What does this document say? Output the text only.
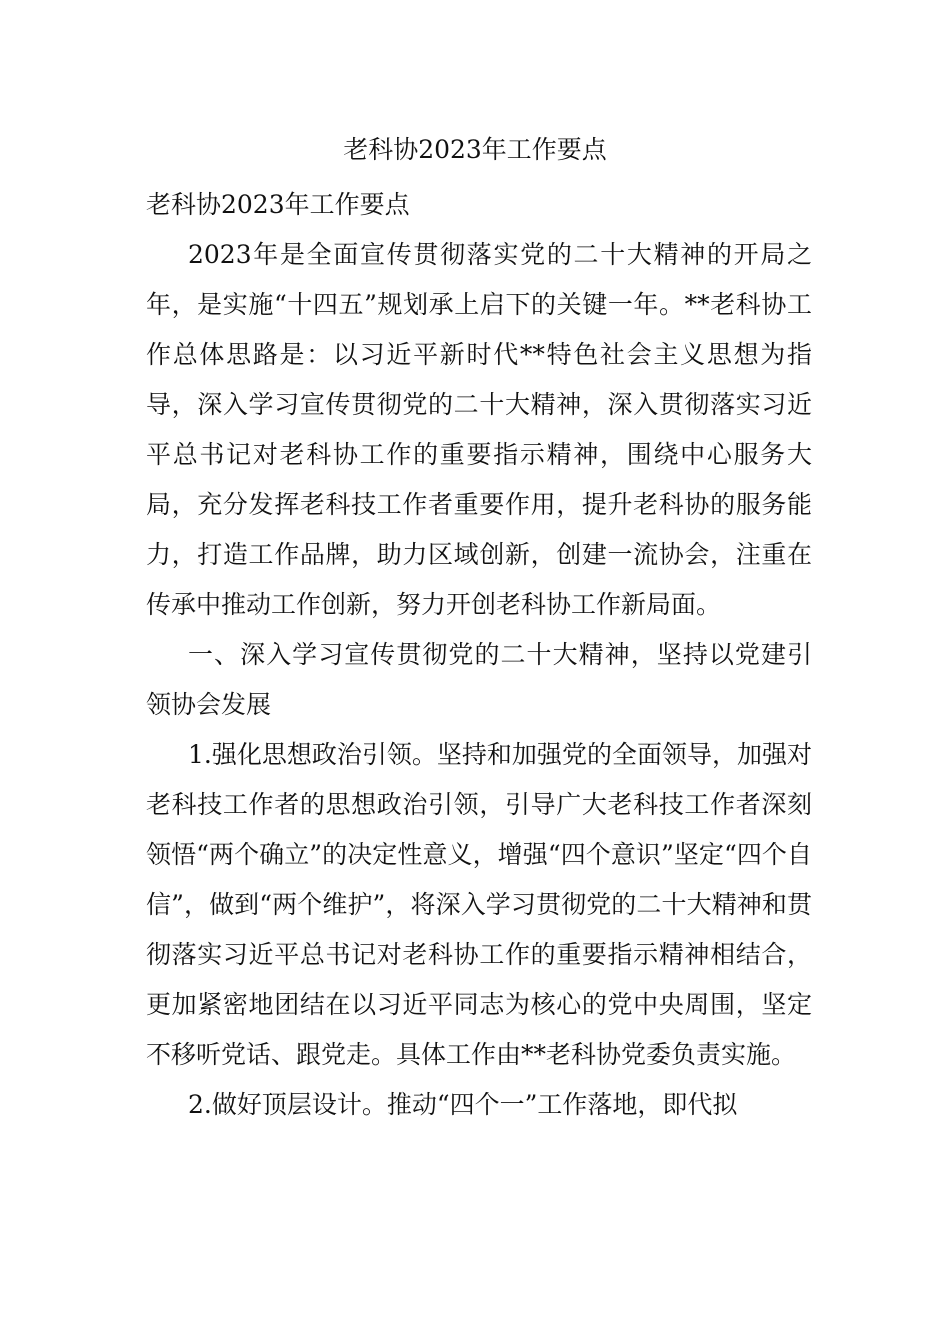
老科协2023年工作要点

老科协2023年工作要点

2023年是全面宣传贯彻落实党的二十大精神的开局之年，是实施“十四五”规划承上启下的关键一年。**老科协工作总体思路是：以习近平新时代**特色社会主义思想为指导，深入学习宣传贯彻党的二十大精神，深入贯彻落实习近平总书记对老科协工作的重要指示精神，围绕中心服务大局，充分发挥老科技工作者重要作用，提升老科协的服务能力，打造工作品牌，助力区域创新，创建一流协会，注重在传承中推动工作创新，努力开创老科协工作新局面。

一、深入学习宣传贯彻党的二十大精神，坚持以党建引领协会发展

1.强化思想政治引领。坚持和加强党的全面领导，加强对老科技工作者的思想政治引领，引导广大老科技工作者深刻领悟“两个确立”的决定性意义，增强“四个意识”坚定“四个自信”，做到“两个维护”，将深入学习贯彻党的二十大精神和贯彻落实习近平总书记对老科协工作的重要指示精神相结合，更加紧密地团结在以习近平同志为核心的党中央周围，坚定不移听党话、跟党走。具体工作由**老科协党委负责实施。

2.做好顶层设计。推动“四个一”工作落地，即代拟
